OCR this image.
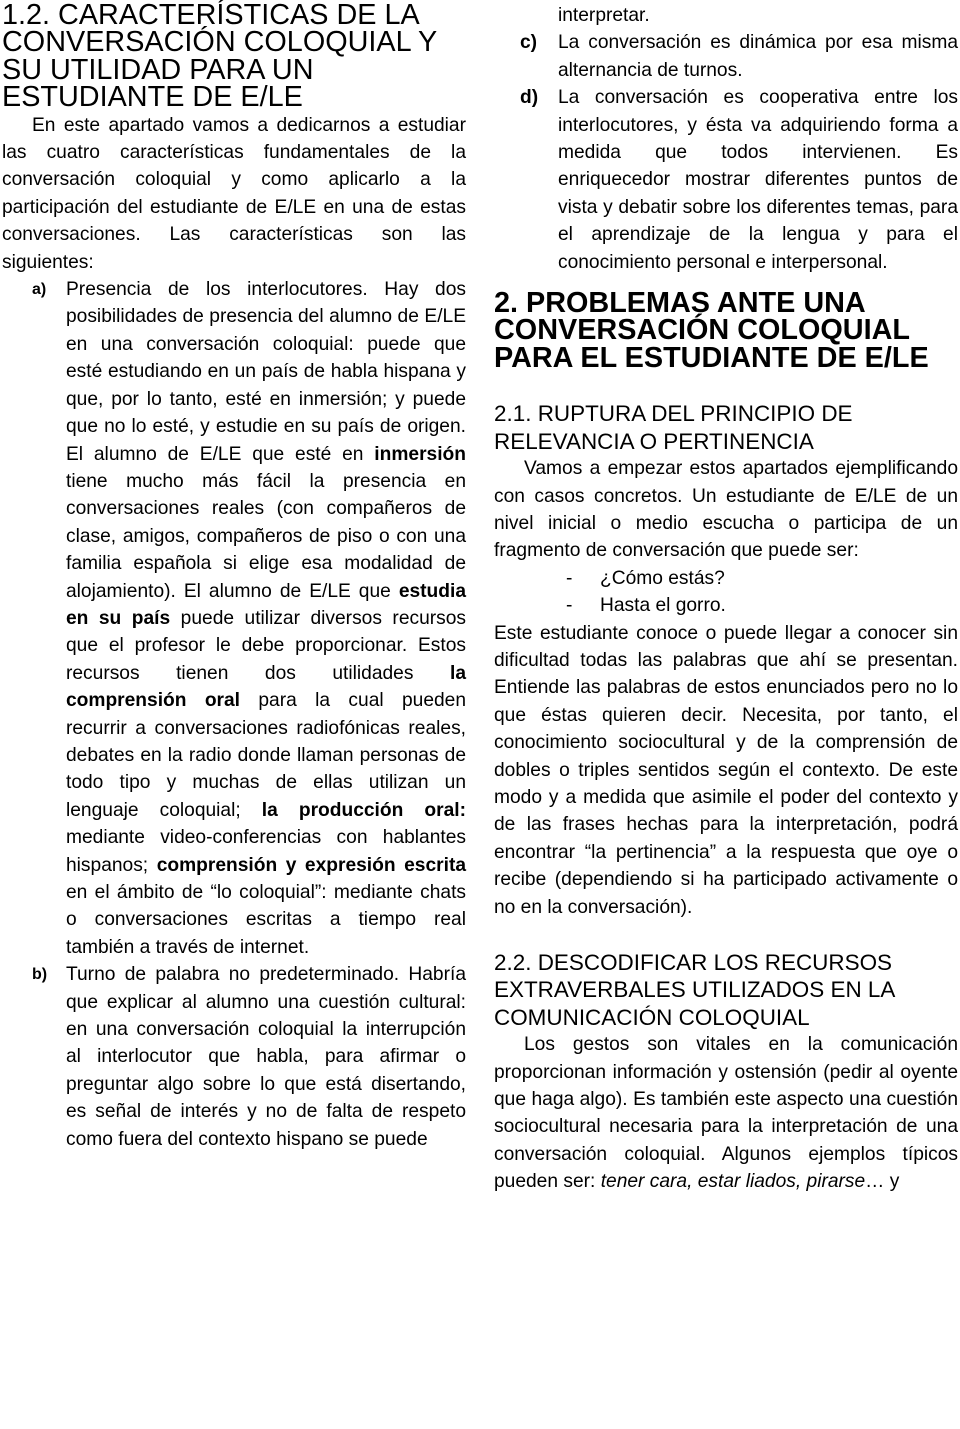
1.2. CARACTERÍSTICAS DE LA CONVERSACIÓN COLOQUIAL Y SU UTILIDAD PARA UN ESTUDIANTE DE E/LE

En este apartado vamos a dedicarnos a estudiar las cuatro características fundamentales de la conversación coloquial y como aplicarlo a la participación del estudiante de E/LE en una de estas conversaciones. Las características son las siguientes:

a) Presencia de los interlocutores. Hay dos posibilidades de presencia del alumno de E/LE en una conversación coloquial: puede que esté estudiando en un país de habla hispana y que, por lo tanto, esté en inmersión; y puede que no lo esté, y estudie en su país de origen. El alumno de E/LE que esté en inmersión tiene mucho más fácil la presencia en conversaciones reales (con compañeros de clase, amigos, compañeros de piso o con una familia española si elige esa modalidad de alojamiento). El alumno de E/LE que estudia en su país puede utilizar diversos recursos que el profesor le debe proporcionar. Estos recursos tienen dos utilidades la comprensión oral para la cual pueden recurrir a conversaciones radiofónicas reales, debates en la radio donde llaman personas de todo tipo y muchas de ellas utilizan un lenguaje coloquial; la producción oral: mediante video-conferencias con hablantes hispanos; comprensión y expresión escrita en el ámbito de “lo coloquial”: mediante chats o conversaciones escritas a tiempo real también a través de internet.
b) Turno de palabra no predeterminado. Habría que explicar al alumno una cuestión cultural: en una conversación coloquial la interrupción al interlocutor que habla, para afirmar o preguntar algo sobre lo que está disertando, es señal de interés y no de falta de respeto como fuera del contexto hispano se puede

interpretar.

c) La conversación es dinámica por esa misma alternancia de turnos.
d) La conversación es cooperativa entre los interlocutores, y ésta va adquiriendo forma a medida que todos intervienen. Es enriquecedor mostrar diferentes puntos de vista y debatir sobre los diferentes temas, para el aprendizaje de la lengua y para el conocimiento personal e interpersonal.
2. PROBLEMAS ANTE UNA CONVERSACIÓN COLOQUIAL PARA EL ESTUDIANTE DE E/LE
2.1. RUPTURA DEL PRINCIPIO DE RELEVANCIA O PERTINENCIA

Vamos a empezar estos apartados ejemplificando con casos concretos. Un estudiante de E/LE de un nivel inicial o medio escucha o participa de un fragmento de conversación que puede ser:

- ¿Cómo estás?
- Hasta el gorro.

Este estudiante conoce o puede llegar a conocer sin dificultad todas las palabras que ahí se presentan. Entiende las palabras de estos enunciados pero no lo que éstas quieren decir. Necesita, por tanto, el conocimiento sociocultural y de la comprensión de dobles o triples sentidos según el contexto. De este modo y a medida que asimile el poder del contexto y de las frases hechas para la interpretación, podrá encontrar “la pertinencia” a la respuesta que oye o recibe (dependiendo si ha participado activamente o no en la conversación).

2.2. DESCODIFICAR LOS RECURSOS EXTRAVERBALES UTILIZADOS EN LA COMUNICACIÓN COLOQUIAL

Los gestos son vitales en la comunicación proporcionan información y ostensión (pedir al oyente que haga algo). Es también este aspecto una cuestión sociocultural necesaria para la interpretación de una conversación coloquial. Algunos ejemplos típicos pueden ser: tener cara, estar liados, pirarse… y
